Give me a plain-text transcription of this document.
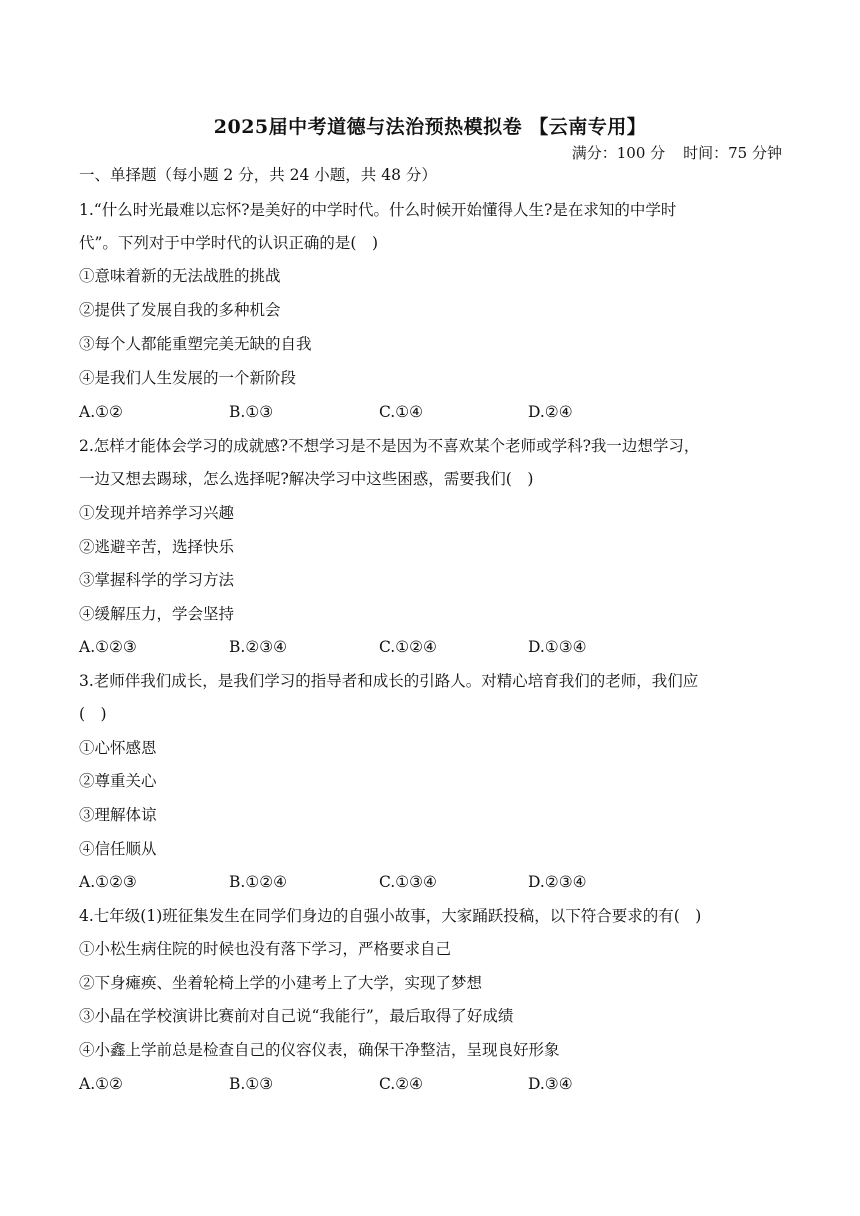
2025届中考道德与法治预热模拟卷 【云南专用】
满分：100 分 时间：75 分钟
一、单择题（每小题 2 分，共 24 小题，共 48 分）
1.“什么时光最难以忘怀?是美好的中学时代。什么时候开始懂得人生?是在求知的中学时
代”。下列对于中学时代的认识正确的是(　)
①意味着新的无法战胜的挑战
②提供了发展自我的多种机会
③每个人都能重塑完美无缺的自我
④是我们人生发展的一个新阶段
A.①②	B.①③	C.①④	D.②④
2.怎样才能体会学习的成就感?不想学习是不是因为不喜欢某个老师或学科?我一边想学习，
一边又想去踢球，怎么选择呢?解决学习中这些困惑，需要我们(　)
①发现并培养学习兴趣
②逃避辛苦，选择快乐
③掌握科学的学习方法
④缓解压力，学会坚持
A.①②③	B.②③④	C.①②④	D.①③④
3.老师伴我们成长，是我们学习的指导者和成长的引路人。对精心培育我们的老师，我们应
(　)
①心怀感恩
②尊重关心
③理解体谅
④信任顺从
A.①②③	B.①②④	C.①③④	D.②③④
4.七年级(1)班征集发生在同学们身边的自强小故事，大家踊跃投稿，以下符合要求的有(　)
①小松生病住院的时候也没有落下学习，严格要求自己
②下身瘫痪、坐着轮椅上学的小建考上了大学，实现了梦想
③小晶在学校演讲比赛前对自己说“我能行”，最后取得了好成绩
④小鑫上学前总是检查自己的仪容仪表，确保干净整洁，呈现良好形象
A.①②	B.①③	C.②④	D.③④
